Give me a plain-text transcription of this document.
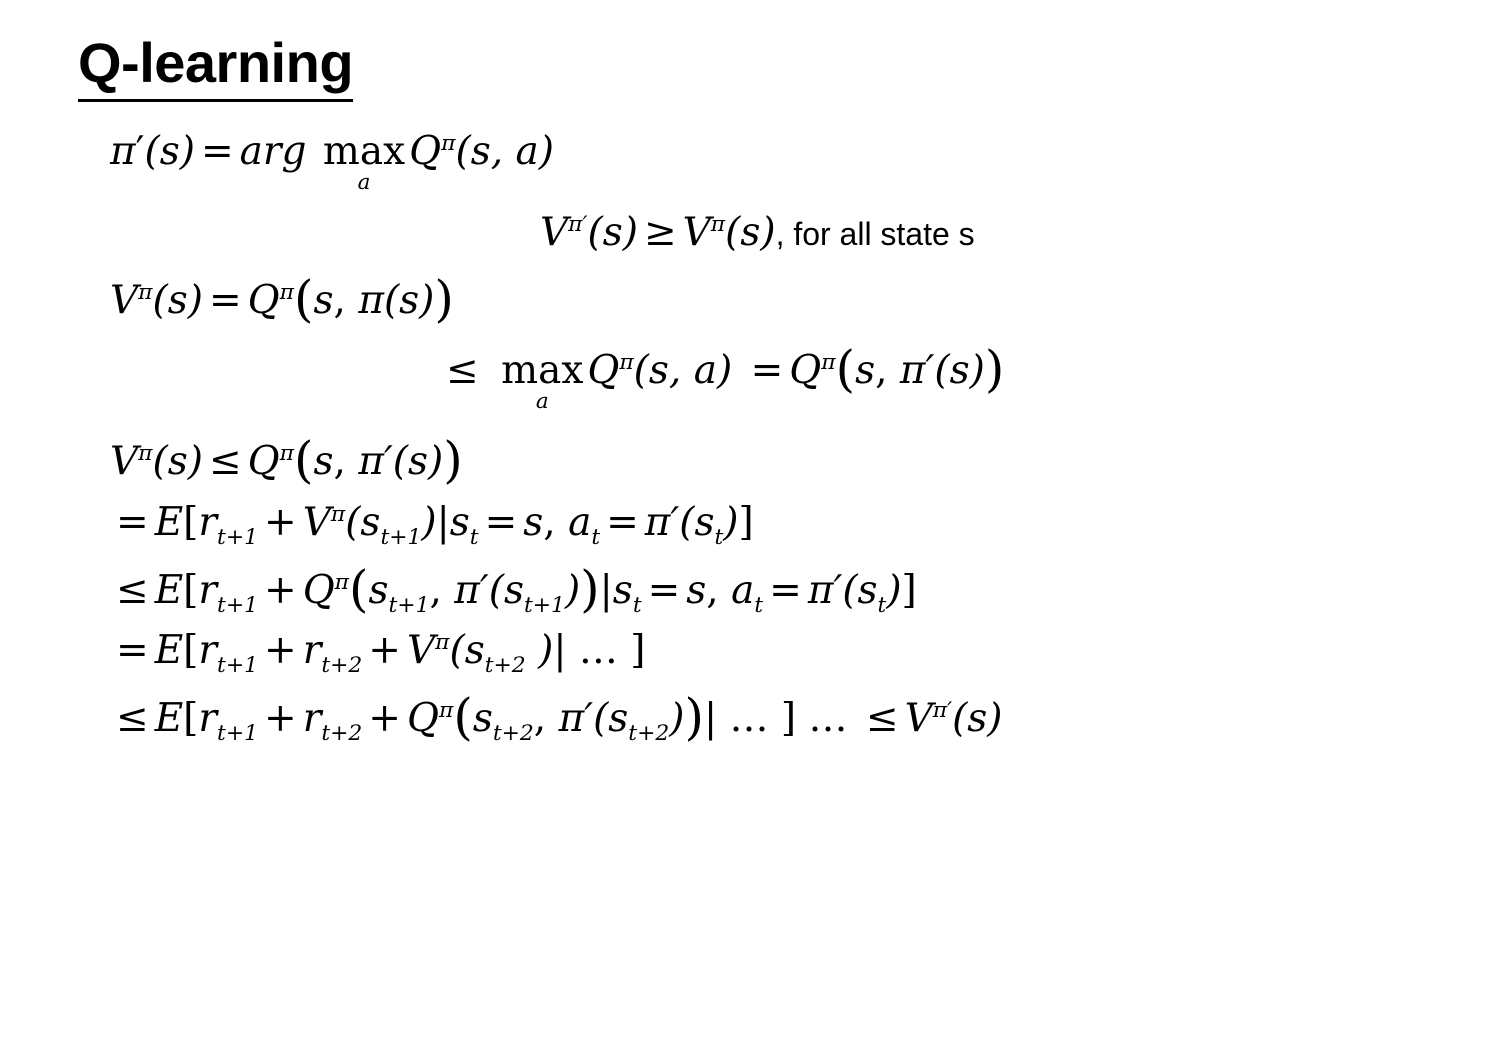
Q-learning
π′(s) = arg max
a
$Q^\pi(s$, a)
$V^{\pi'}(s) \ge V^\pi(s)$, for all state s
$V^\pi(s) = Q^\pi(s$, π(s))
≤ max
a
$Q^\pi(s$, $a) = Q^\pi(s$, π′(s))
$V^\pi(s) \le Q^\pi(s$, π′(s))
= $E[r_{t+1} + V^\pi(s_{t+1})|s_t = s$, $a_t = \pi'(s_t)$]
≤ $E[r_{t+1} + Q^\pi(s_{t+1}$, $\pi'(s_{t+1}))|s_t = s$, $a_t = \pi'(s_t)$]
= $E[r_{t+1} + r_{t+2} + V^\pi(s_{t+2}$ )| … ]
≤ $E[r_{t+1} + r_{t+2} + Q^\pi(s_{t+2}$, $\pi'(s_{t+2}))|$ … ] … ≤ $V^{\pi'}(s)$
